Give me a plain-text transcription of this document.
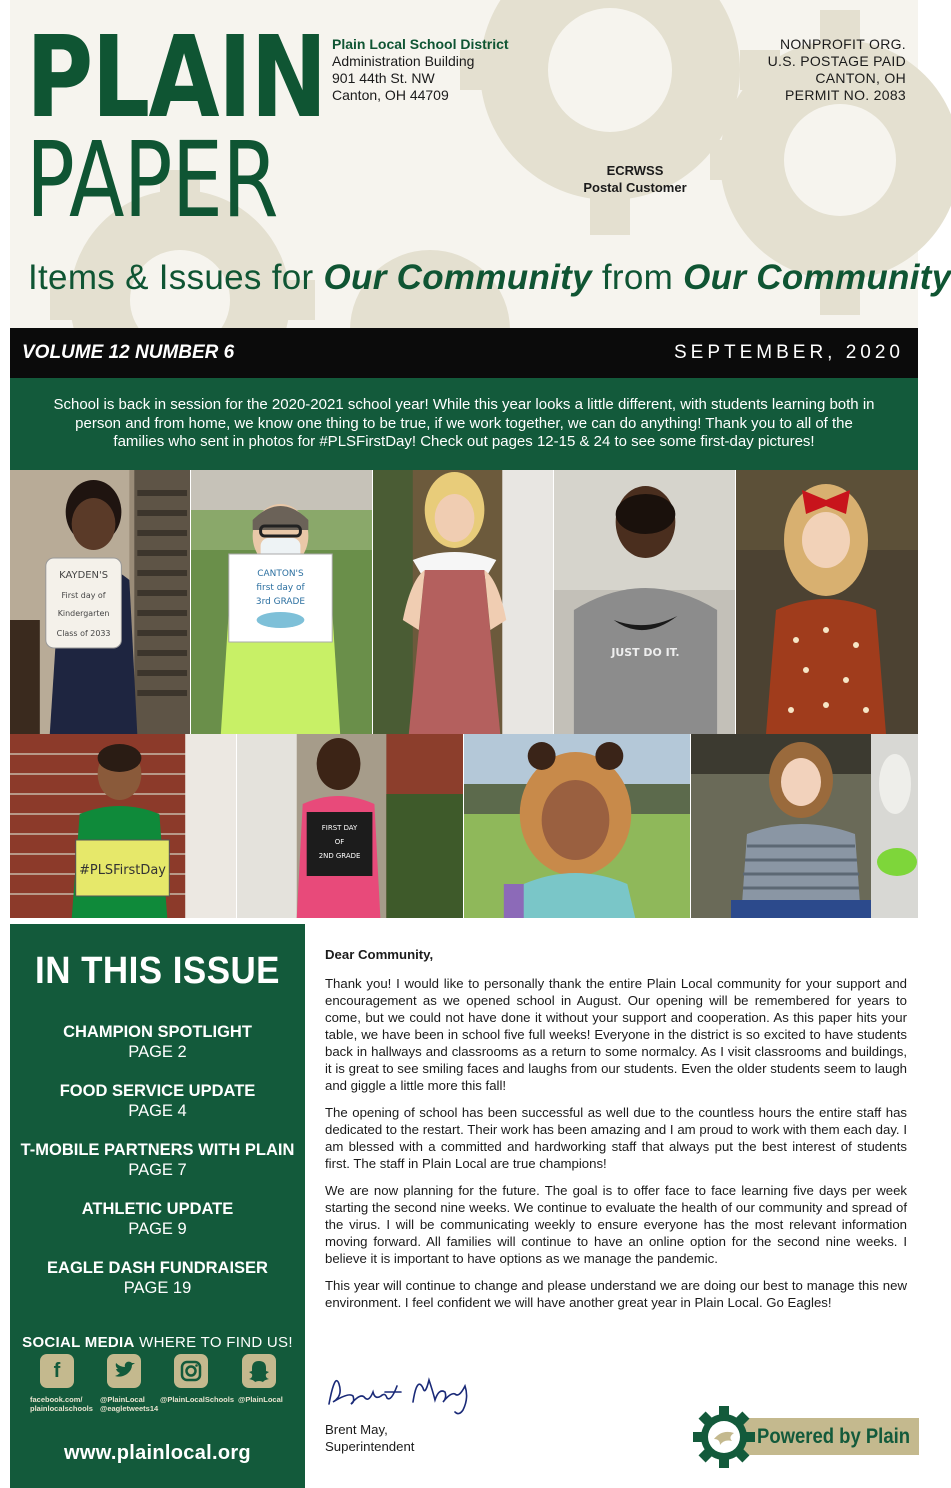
PLAIN
PAPER
Plain Local School District
Administration Building
901 44th St. NW
Canton, OH 44709
NONPROFIT ORG.
U.S. POSTAGE PAID
CANTON, OH
PERMIT NO. 2083
ECRWSS
Postal Customer
Items & Issues for Our Community from Our Community
VOLUME 12 NUMBER 6	SEPTEMBER, 2020
School is back in session for the 2020-2021 school year! While this year looks a little different, with students learning both in person and from home, we know one thing to be true, if we work together, we can do anything! Thank you to all of the families who sent in photos for #PLSFirstDay! Check out pages 12-15 & 24 to see some first-day pictures!
KAYDEN'S
First day of
Kindergarten
Class of 2033
CANTON'S
first day of
3rd GRADE
JUST DO IT.
#PLSFirstDay
FIRST DAY
OF
2ND GRADE
IN THIS ISSUE
CHAMPION SPOTLIGHT
PAGE 2
FOOD SERVICE UPDATE
PAGE 4
T-MOBILE PARTNERS WITH PLAIN
PAGE 7
ATHLETIC UPDATE
PAGE 9
EAGLE DASH FUNDRAISER
PAGE 19
SOCIAL MEDIA WHERE TO FIND US!
f
facebook.com/
plainlocalschools
@PlainLocal
@eagletweets14
@PlainLocalSchools @PlainLocal
www.plainlocal.org
Dear Community,

Thank you! I would like to personally thank the entire Plain Local community for your support and encouragement as we opened school in August. Our opening will be remembered for years to come, but we could not have done it without your support and cooperation. As this paper hits your table, we have been in school five full weeks! Everyone in the district is so excited to have students back in hallways and classrooms as a return to some normalcy. As I visit classrooms and buildings, it is great to see smiling faces and laughs from our students. Even the older students seem to laugh and giggle a little more this fall!

The opening of school has been successful as well due to the countless hours the entire staff has dedicated to the restart. Their work has been amazing and I am proud to work with them each day. I am blessed with a committed and hardworking staff that always put the best interest of students first. The staff in Plain Local are true champions!

We are now planning for the future. The goal is to offer face to face learning five days per week starting the second nine weeks. We continue to evaluate the health of our community and spread of the virus. I will be communicating weekly to ensure everyone has the most relevant information moving forward. All families will continue to have an online option for the second nine weeks. I believe it is important to have options as we manage the pandemic.

This year will continue to change and please understand we are doing our best to manage this new environment. I feel confident we will have another great year in Plain Local. Go Eagles!

Brent May,
Superintendent	Powered by Plain
